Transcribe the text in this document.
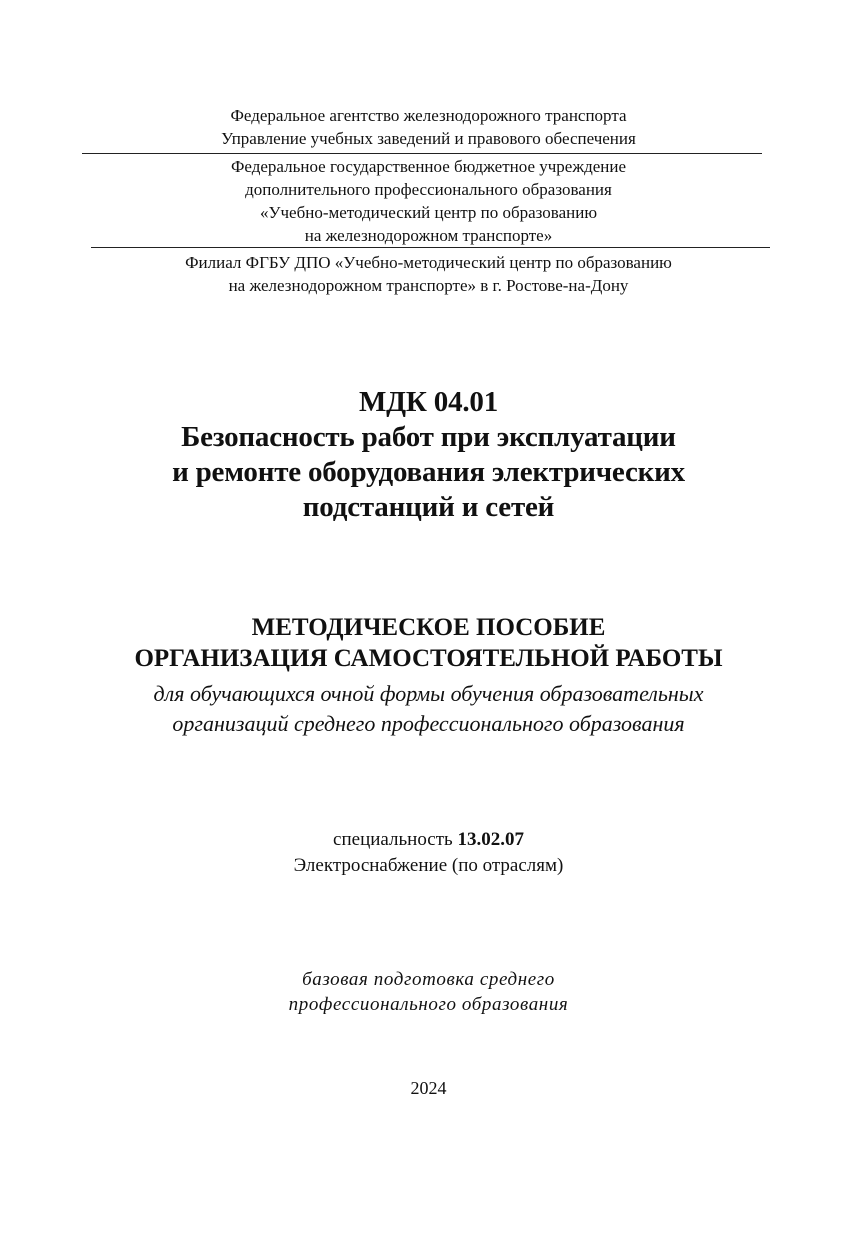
Федеральное агентство железнодорожного транспорта
Управление учебных заведений и правового обеспечения
Федеральное государственное бюджетное учреждение
дополнительного профессионального образования
«Учебно-методический центр по образованию
на железнодорожном транспорте»
Филиал ФГБУ ДПО «Учебно-методический центр по образованию
на железнодорожном транспорте» в г. Ростове-на-Дону
МДК 04.01
Безопасность работ при эксплуатации
и ремонте оборудования электрических
подстанций и сетей
МЕТОДИЧЕСКОЕ ПОСОБИЕ
ОРГАНИЗАЦИЯ САМОСТОЯТЕЛЬНОЙ РАБОТЫ
для обучающихся очной формы обучения образовательных
организаций среднего профессионального образования
специальность 13.02.07
Электроснабжение (по отраслям)
базовая подготовка среднего
профессионального образования
2024
